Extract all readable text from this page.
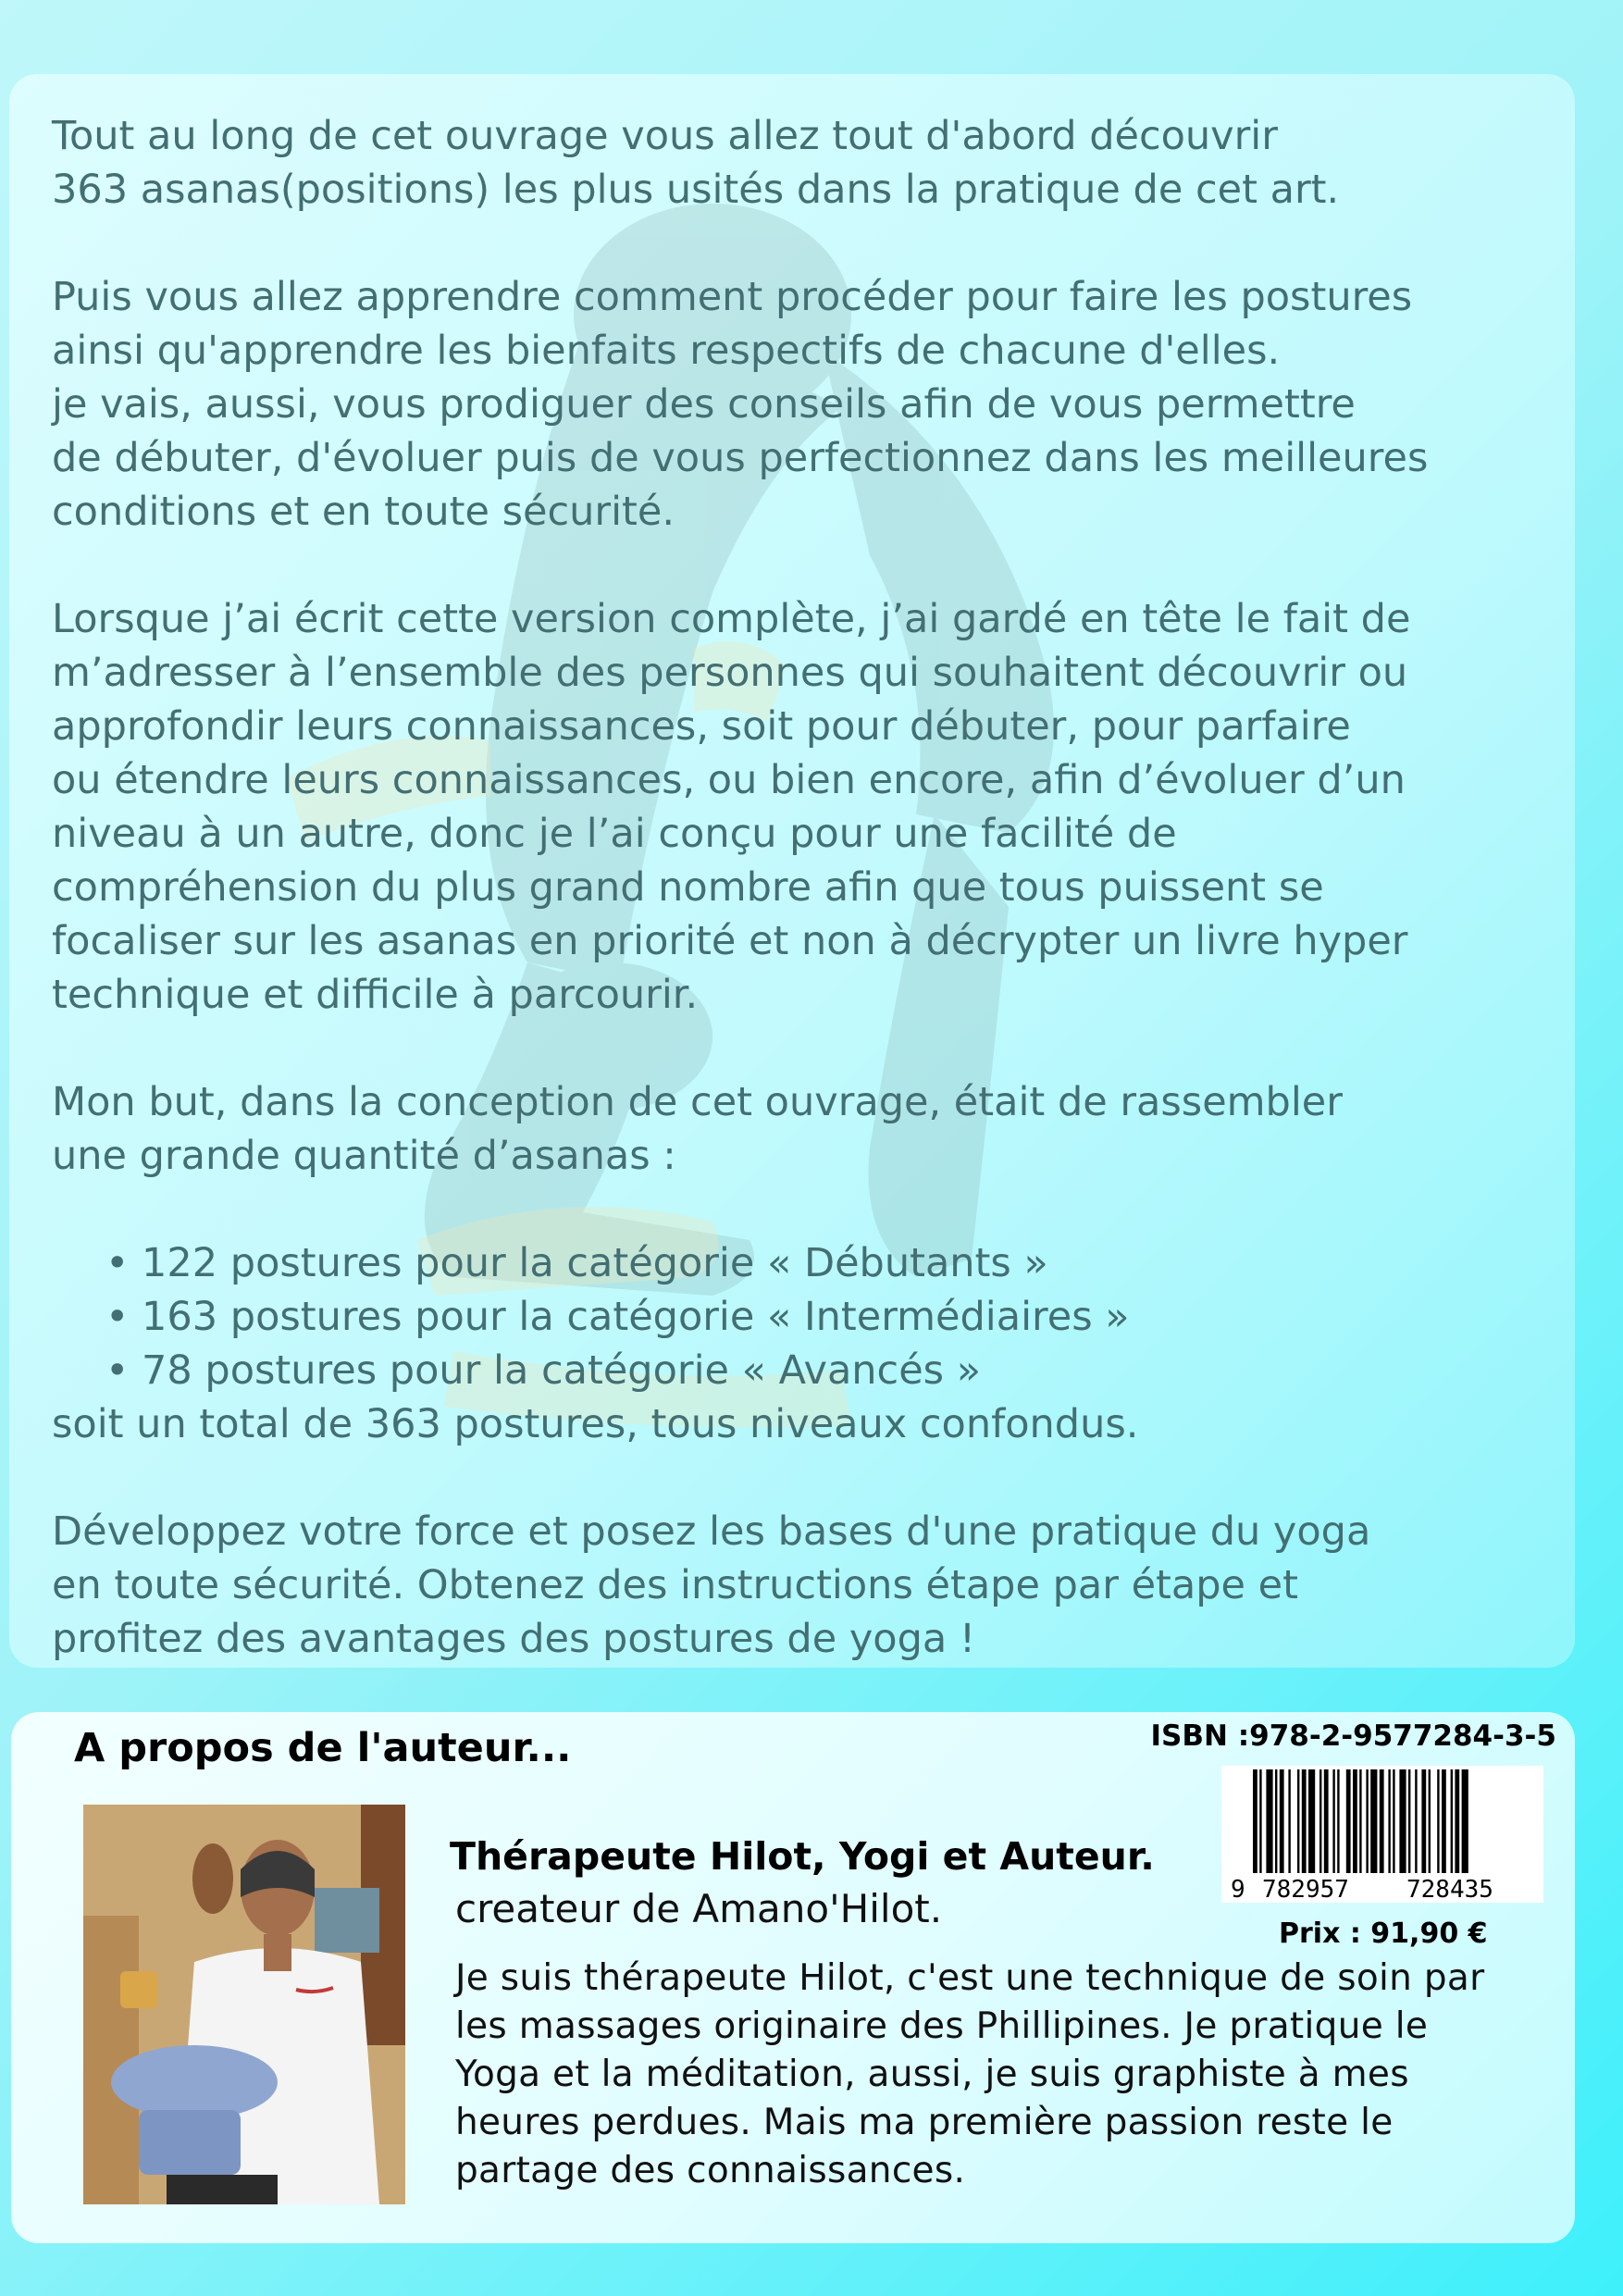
Tout au long de cet ouvrage vous allez tout d'abord découvrir
363 asanas(positions) les plus usités dans la pratique de cet art.

Puis vous allez apprendre comment procéder pour faire les postures
ainsi qu'apprendre les bienfaits respectifs de chacune d'elles.
je vais, aussi, vous prodiguer des conseils afin de vous permettre
de débuter, d'évoluer puis de vous perfectionnez dans les meilleures
conditions et en toute sécurité.

Lorsque j’ai écrit cette version complète, j’ai gardé en tête le fait de
m’adresser à l’ensemble des personnes qui souhaitent découvrir ou
approfondir leurs connaissances, soit pour débuter, pour parfaire
ou étendre leurs connaissances, ou bien encore, afin d’évoluer d’un
niveau à un autre, donc je l’ai conçu pour une facilité de
compréhension du plus grand nombre afin que tous puissent se
focaliser sur les asanas en priorité et non à décrypter un livre hyper
technique et difficile à parcourir.

Mon but, dans la conception de cet ouvrage, était de rassembler
une grande quantité d’asanas :

• 122 postures pour la catégorie « Débutants »
• 163 postures pour la catégorie « Intermédiaires »
• 78 postures pour la catégorie « Avancés »
soit un total de 363 postures, tous niveaux confondus.

Développez votre force et posez les bases d'une pratique du yoga
en toute sécurité. Obtenez des instructions étape par étape et
profitez des avantages des postures de yoga !

A propos de l'auteur...	ISBN :978-2-9577284-3-5
9 782957 728435
Prix : 91,90 €
Thérapeute Hilot, Yogi et Auteur.
createur de Amano'Hilot.
Je suis thérapeute Hilot, c'est une technique de soin par
les massages originaire des Phillipines. Je pratique le
Yoga et la méditation, aussi, je suis graphiste à mes
heures perdues. Mais ma première passion reste le
partage des connaissances.
